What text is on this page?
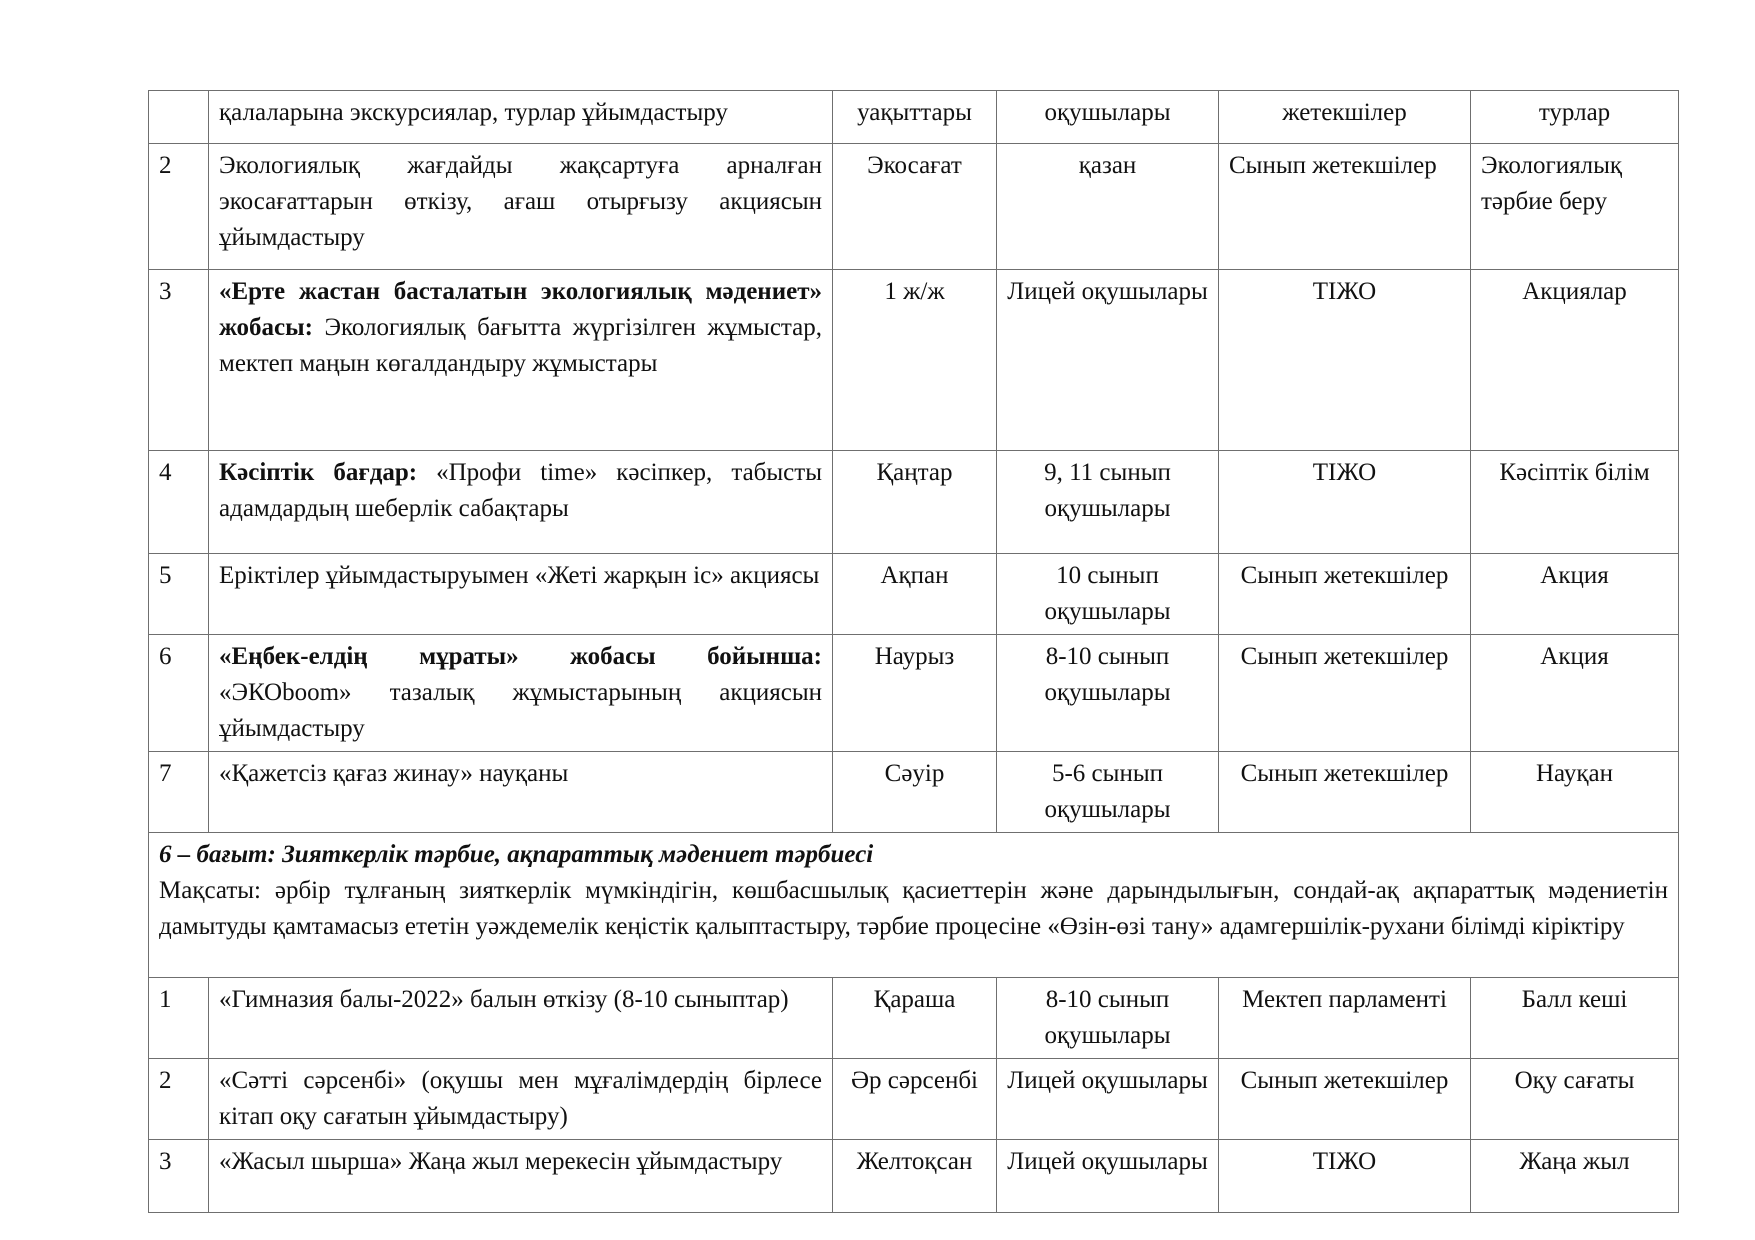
	қалаларына экскурсиялар, турлар ұйымдастыру	уақыттары	оқушылары	жетекшілер	турлар
2	Экологиялық жағдайды жақсартуға арналған экосағаттарын өткізу, ағаш отырғызу акциясын ұйымдастыру	Экосағат	қазан	Сынып жетекшілер	Экологиялық тәрбие беру
3	«Ерте жастан басталатын экологиялық мәдениет» жобасы: Экологиялық бағытта жүргізілген жұмыстар, мектеп маңын көгалдандыру жұмыстары	1 ж/ж	Лицей оқушылары	ТІЖО	Акциялар
4	Кәсіптік бағдар: «Профи time» кәсіпкер, табысты адамдардың шеберлік сабақтары	Қаңтар	9, 11 сынып оқушылары	ТІЖО	Кәсіптік білім
5	Еріктілер ұйымдастыруымен «Жеті жарқын іс» акциясы	Ақпан	10 сынып оқушылары	Сынып жетекшілер	Акция
6	«Еңбек-елдің мұраты» жобасы бойынша: «ЭКОboom» тазалық жұмыстарының акциясын ұйымдастыру	Наурыз	8-10 сынып оқушылары	Сынып жетекшілер	Акция
7	«Қажетсіз қағаз жинау» науқаны	Сәуір	5-6 сынып оқушылары	Сынып жетекшілер	Науқан

6 – бағыт: Зияткерлік тәрбие, ақпараттық мәдениет тәрбиесі
Мақсаты: әрбір тұлғаның зияткерлік мүмкіндігін, көшбасшылық қасиеттерін және дарындылығын, сондай-ақ ақпараттық мәдениетін дамытуды қамтамасыз ететін уәждемелік кеңістік қалыптастыру, тәрбие процесіне «Өзін-өзі тану» адамгершілік-рухани білімді кіріктіру					

1	«Гимназия балы-2022» балын өткізу (8-10 сыныптар)	Қараша	8-10 сынып оқушылары	Мектеп парламенті	Балл кеші
2	«Сәтті сәрсенбі» (оқушы мен мұғалімдердің бірлесе кітап оқу сағатын ұйымдастыру)	Әр сәрсенбі	Лицей оқушылары	Сынып жетекшілер	Оқу сағаты
3	«Жасыл шырша» Жаңа жыл мерекесін ұйымдастыру	Желтоқсан	Лицей оқушылары	ТІЖО	Жаңа жыл
